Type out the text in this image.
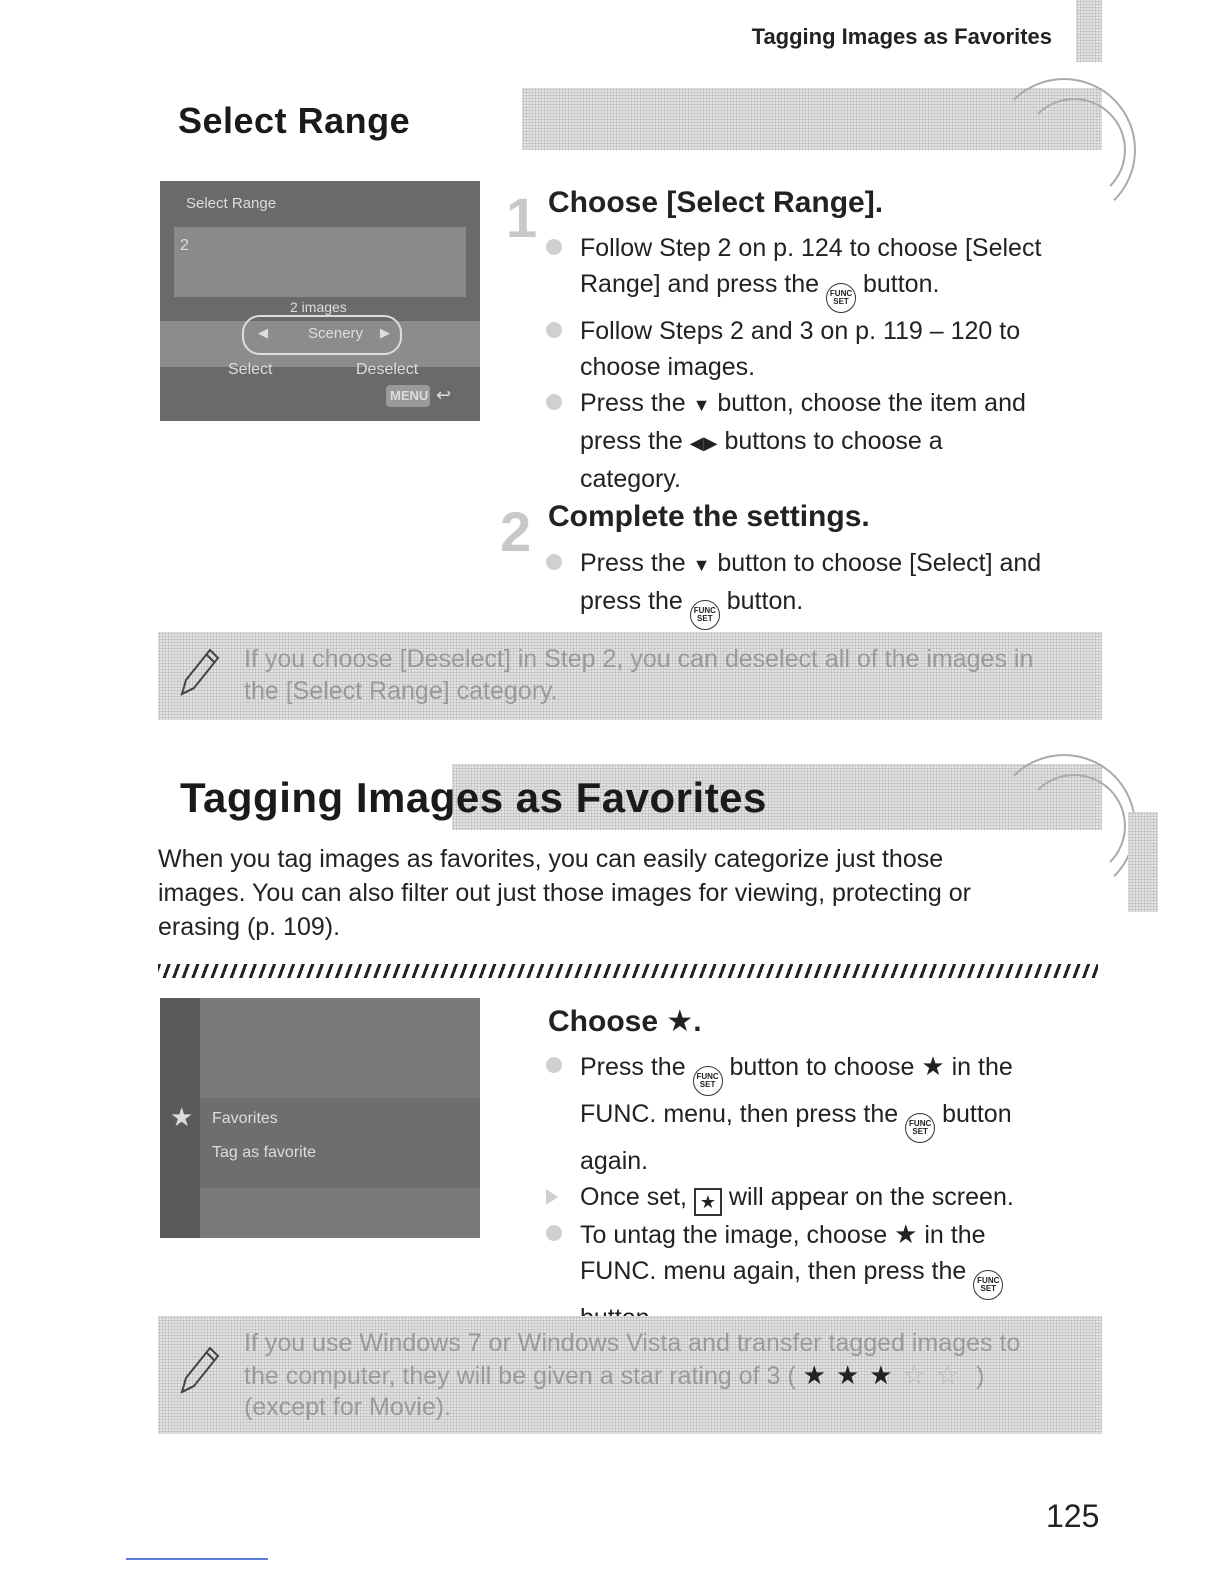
Tagging Images as Favorites
Select Range
Select Range
2
2 images
◀	Scenery ▶
Select	Deselect
MENU ↩
1 Choose [Select Range].
Follow Step 2 on p. 124 to choose [Select
Range] and press the FUNC
SET
button.
Follow Steps 2 and 3 on p. 119 – 120 to
choose images.
Press the ▼ button, choose the item and
press the ◀▶ buttons to choose a
category.
2 Complete the settings.
Press the ▼ button to choose [Select] and
press the FUNC
SET
button.
If you choose [Deselect] in Step 2, you can deselect all of the images in
the [Select Range] category.
Tagging Images as Favorites
When you tag images as favorites, you can easily categorize just those
images. You can also filter out just those images for viewing, protecting or
erasing (p. 109).
★ Favorites
Tag as favorite
Choose ★.
Press the FUNC
SET
button to choose ★ in the
FUNC. menu, then press the FUNC
SET
button
again.
Once set, ★ will appear on the screen.
To untag the image, choose ★ in the
FUNC. menu again, then press the FUNC
SET

If you use Windows 7 or Windows Vista and transfer tagged images to
the computer, they will be given a star rating of 3 ( ★★★☆☆ )
(except for Movie).
125
